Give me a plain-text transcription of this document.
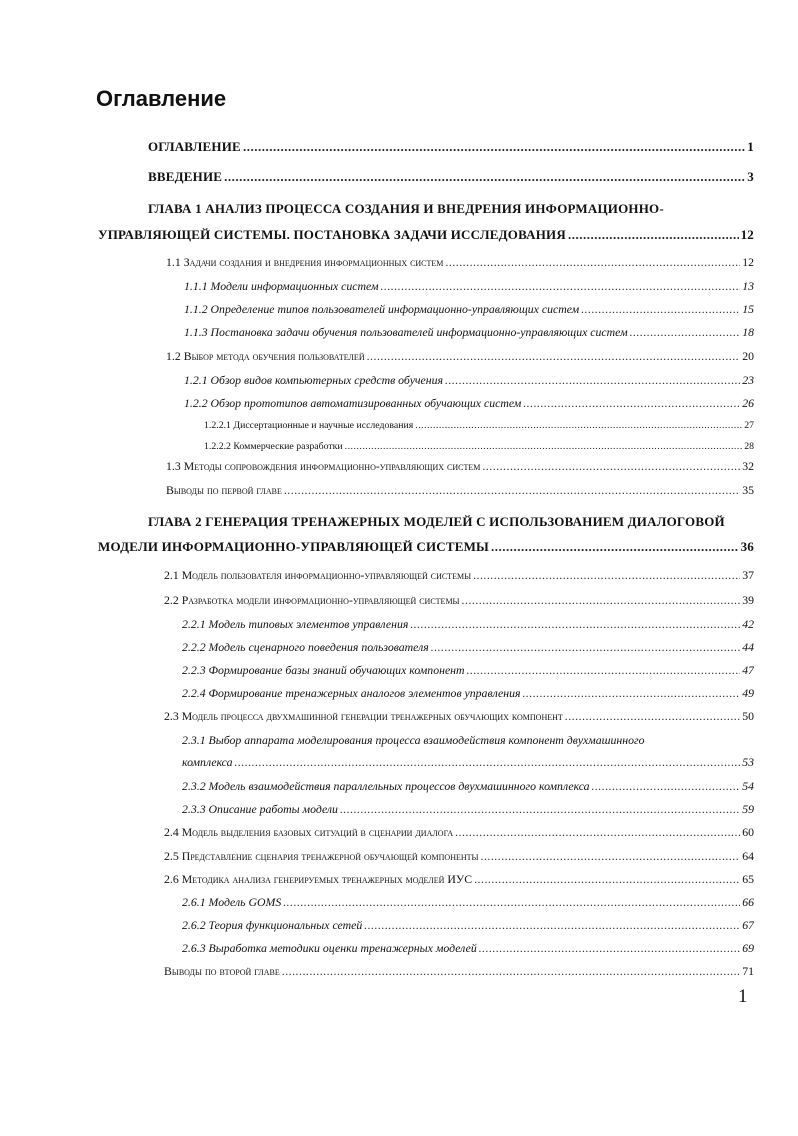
Оглавление
ОГЛАВЛЕНИЕ .....	1
ВВЕДЕНИЕ .....	3
ГЛАВА 1 АНАЛИЗ ПРОЦЕССА СОЗДАНИЯ И ВНЕДРЕНИЯ ИНФОРМАЦИОННО-
УПРАВЛЯЮЩЕЙ СИСТЕМЫ. ПОСТАНОВКА ЗАДАЧИ ИССЛЕДОВАНИЯ .....	12
1.1 Задачи создания и внедрения информационных систем .....	12
1.1.1 Модели информационных систем .....	13
1.1.2 Определение типов пользователей информационно-управляющих систем .....	15
1.1.3 Постановка задачи обучения пользователей информационно-управляющих систем .....	18
1.2 Выбор метода обучения пользователей .....	20
1.2.1 Обзор видов компьютерных средств обучения .....	23
1.2.2 Обзор прототипов автоматизированных обучающих систем .....	26
1.2.2.1 Диссертационные и научные исследования .....	27
1.2.2.2 Коммерческие разработки .....	28
1.3 Методы сопровождения информационно-управляющих систем .....	32
Выводы по первой главе .....	35
ГЛАВА 2 ГЕНЕРАЦИЯ ТРЕНАЖЕРНЫХ МОДЕЛЕЙ С ИСПОЛЬЗОВАНИЕМ ДИАЛОГОВОЙ
МОДЕЛИ ИНФОРМАЦИОННО-УПРАВЛЯЮЩЕЙ СИСТЕМЫ .....	36
2.1 Модель пользователя информационно-управляющей системы .....	37
2.2 Разработка модели информационно-управляющей системы .....	39
2.2.1 Модель типовых элементов управления .....	42
2.2.2 Модель сценарного поведения пользователя .....	44
2.2.3 Формирование базы знаний обучающих компонент .....	47
2.2.4 Формирование тренажерных аналогов элементов управления .....	49
2.3 Модель процесса двухмашинной генерации тренажерных обучающих компонент .....	50
2.3.1 Выбор аппарата моделирования процесса взаимодействия компонент двухмашинного
комплекса .....	53
2.3.2 Модель взаимодействия параллельных процессов двухмашинного комплекса .....	54
2.3.3 Описание работы модели .....	59
2.4 Модель выделения базовых ситуаций в сценарии диалога .....	60
2.5 Представление сценария тренажерной обучающей компоненты .....	64
2.6 Методика анализа генерируемых тренажерных моделей ИУС .....	65
2.6.1 Модель GOMS .....	66
2.6.2 Теория функциональных сетей .....	67
2.6.3 Выработка методики оценки тренажерных моделей .....	69
Выводы по второй главе .....	71
1
